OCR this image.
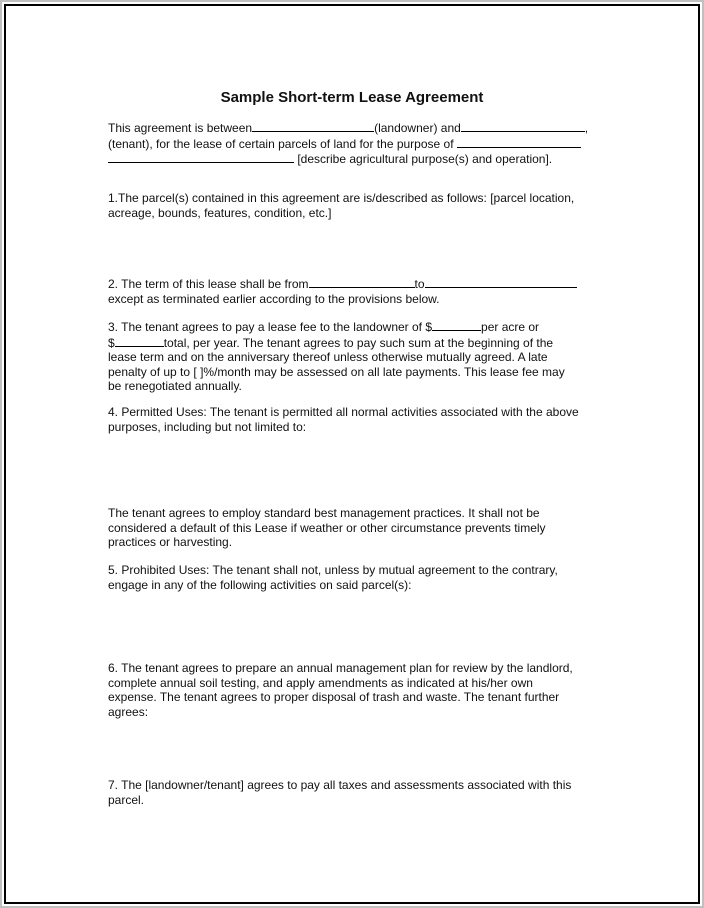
Sample Short-term Lease Agreement
This agreement is between	(landowner) and	,
(tenant), for the lease of certain parcels of land for the purpose of
[describe agricultural purpose(s) and operation].
1.The parcel(s) contained in this agreement are is/described as follows: [parcel location,
acreage, bounds, features, condition, etc.]
2. The term of this lease shall be from	to
except as terminated earlier according to the provisions below.
3. The tenant agrees to pay a lease fee to the landowner of $	per acre or
$	total, per year. The tenant agrees to pay such sum at the beginning of the
lease term and on the anniversary thereof unless otherwise mutually agreed. A late
penalty of up to [ ]%/month may be assessed on all late payments. This lease fee may
be renegotiated annually.
4. Permitted Uses: The tenant is permitted all normal activities associated with the above
purposes, including but not limited to:
The tenant agrees to employ standard best management practices. It shall not be
considered a default of this Lease if weather or other circumstance prevents timely
practices or harvesting.
5. Prohibited Uses: The tenant shall not, unless by mutual agreement to the contrary,
engage in any of the following activities on said parcel(s):
6. The tenant agrees to prepare an annual management plan for review by the landlord,
complete annual soil testing, and apply amendments as indicated at his/her own
expense. The tenant agrees to proper disposal of trash and waste. The tenant further
agrees:
7. The [landowner/tenant] agrees to pay all taxes and assessments associated with this
parcel.
